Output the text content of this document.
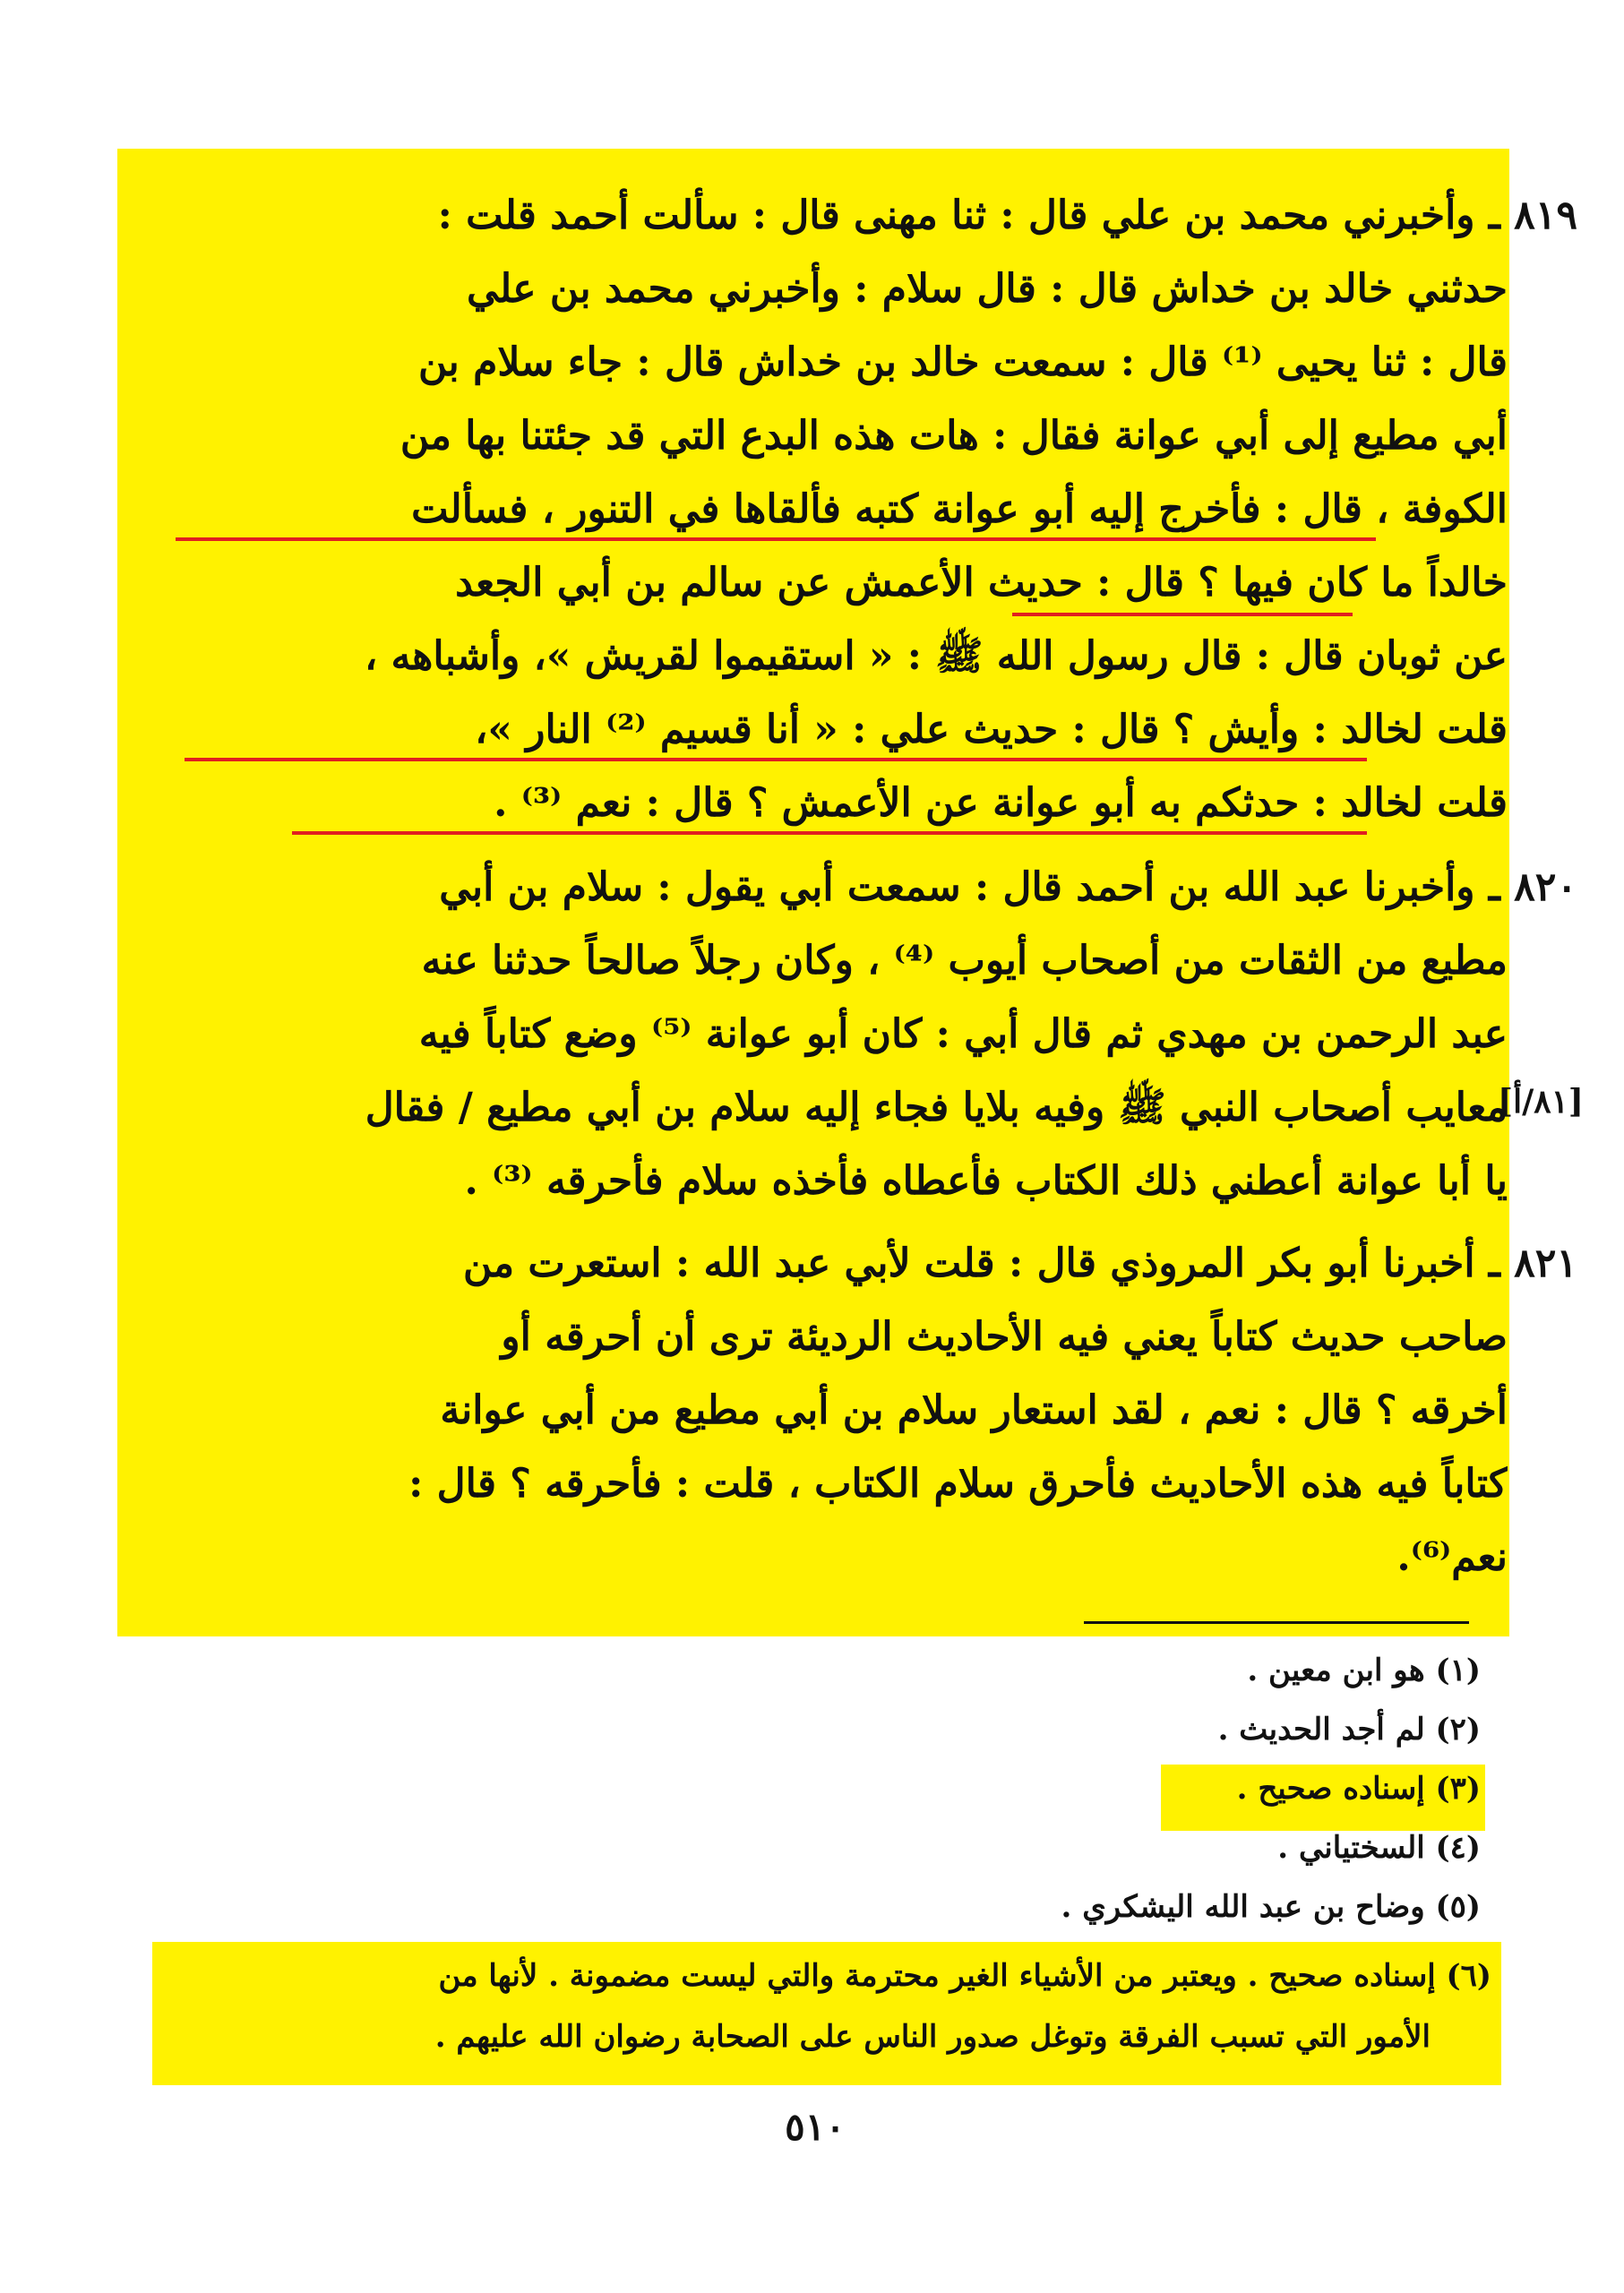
٨١٩ ـ وأخبرني محمد بن علي قال : ثنا مهنى قال : سألت أحمد قلت :
حدثني خالد بن خداش قال : قال سلام : وأخبرني محمد بن علي
قال : ثنا يحيى ⁽¹⁾ قال : سمعت خالد بن خداش قال : جاء سلام بن
أبي مطيع إلى أبي عوانة فقال : هات هذه البدع التي قد جئتنا بها من
الكوفة ، قال : فأخرج إليه أبو عوانة كتبه فألقاها في التنور ، فسألت
خالداً ما كان فيها ؟ قال : حديث الأعمش عن سالم بن أبي الجعد
عن ثوبان قال : قال رسول الله ﷺ : « استقيموا لقريش »، وأشباهه ،
قلت لخالد : وأيش ؟ قال : حديث علي : « أنا قسيم ⁽²⁾ النار »،
قلت لخالد : حدثكم به أبو عوانة عن الأعمش ؟ قال : نعم ⁽³⁾ .
٨٢٠ ـ وأخبرنا عبد الله بن أحمد قال : سمعت أبي يقول : سلام بن أبي
مطيع من الثقات من أصحاب أيوب ⁽⁴⁾ ، وكان رجلاً صالحاً حدثنا عنه
عبد الرحمن بن مهدي ثم قال أبي : كان أبو عوانة ⁽⁵⁾ وضع كتاباً فيه
معايب أصحاب النبي ﷺ وفيه بلايا فجاء إليه سلام بن أبي مطيع / فقال
يا أبا عوانة أعطني ذلك الكتاب فأعطاه فأخذه سلام فأحرقه ⁽³⁾ .
[٨١/أ]
٨٢١ ـ أخبرنا أبو بكر المروذي قال : قلت لأبي عبد الله : استعرت من
صاحب حديث كتاباً يعني فيه الأحاديث الرديئة ترى أن أحرقه أو
أخرقه ؟ قال : نعم ، لقد استعار سلام بن أبي مطيع من أبي عوانة
كتاباً فيه هذه الأحاديث فأحرق سلام الكتاب ، قلت : فأحرقه ؟ قال :
نعم⁽⁶⁾.
(١) هو ابن معين .
(٢) لم أجد الحديث .
(٣) إسناده صحيح .
(٤) السختياني .
(٥) وضاح بن عبد الله اليشكري .
(٦) إسناده صحيح . ويعتبر من الأشياء الغير محترمة والتي ليست مضمونة . لأنها من
الأمور التي تسبب الفرقة وتوغل صدور الناس على الصحابة رضوان الله عليهم .
٥١٠
